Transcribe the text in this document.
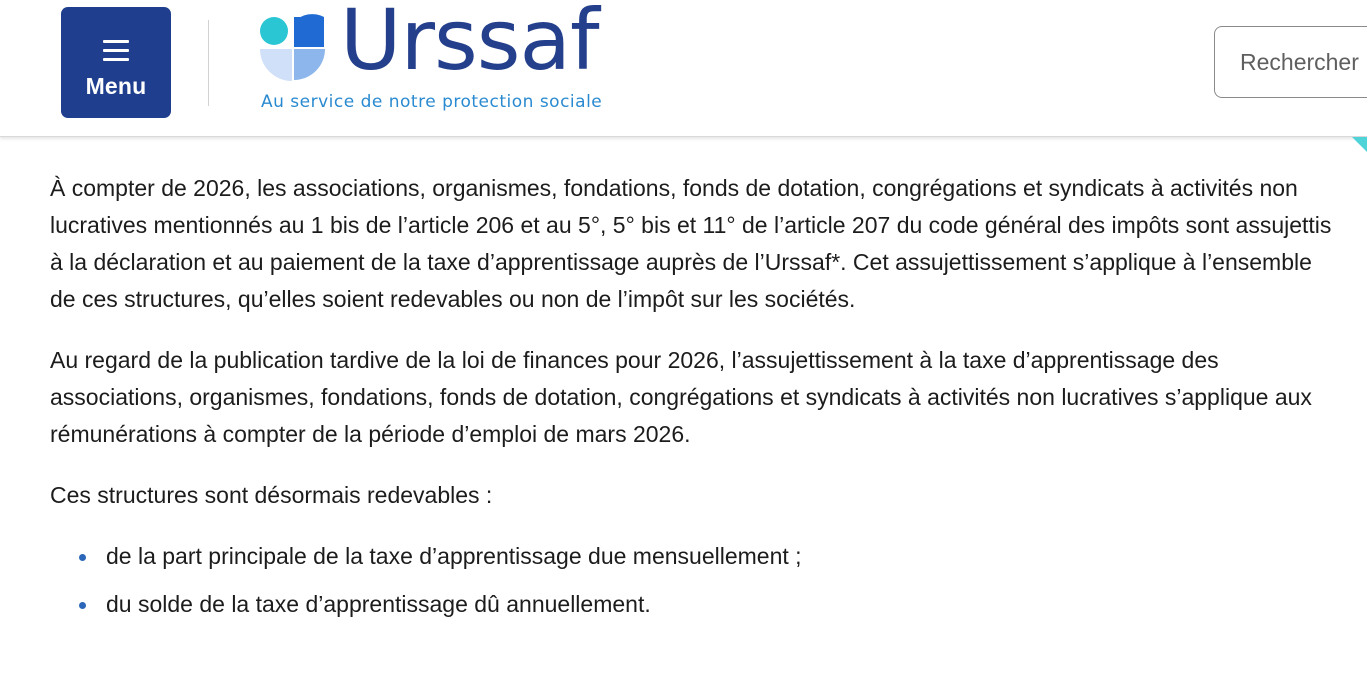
Menu Urssaf
Au service de notre protection sociale
Rechercher

À compter de 2026, les associations, organismes, fondations, fonds de dotation, congrégations et syndicats à activités non lucratives mentionnés au 1 bis de l’article 206 et au 5°, 5° bis et 11° de l’article 207 du code général des impôts sont assujettis à la déclaration et au paiement de la taxe d’apprentissage auprès de l’Urssaf*. Cet assujettissement s’applique à l’ensemble de ces structures, qu’elles soient redevables ou non de l’impôt sur les sociétés.

Au regard de la publication tardive de la loi de finances pour 2026, l’assujettissement à la taxe d’apprentissage des associations, organismes, fondations, fonds de dotation, congrégations et syndicats à activités non lucratives s’applique aux rémunérations à compter de la période d’emploi de mars 2026.

Ces structures sont désormais redevables :

de la part principale de la taxe d’apprentissage due mensuellement ;
du solde de la taxe d’apprentissage dû annuellement.
